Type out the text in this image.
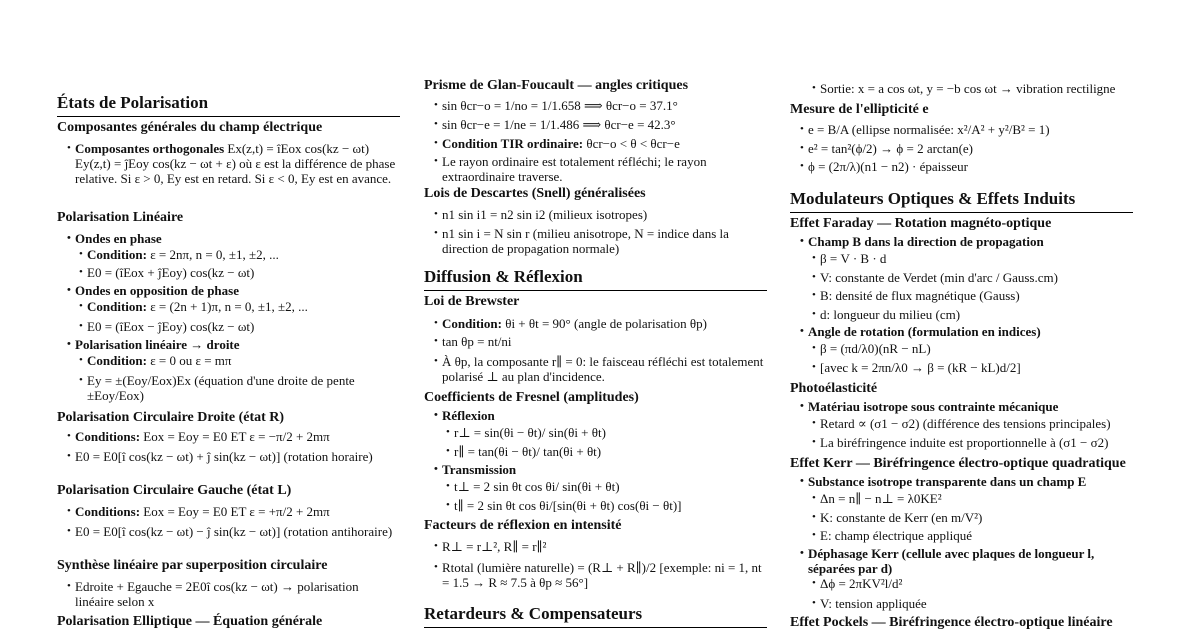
États de Polarisation
Composantes générales du champ électrique
• Composantes orthogonales Ex(z,t) = îEox cos(kz − ωt) Ey(z,t) = ĵEoy cos(kz − ωt + ε) où ε est la différence de phase relative. Si ε > 0, Ey est en retard. Si ε < 0, Ey est en avance.
Polarisation Linéaire
• Ondes en phase
• Condition: ε = 2nπ, n = 0, ±1, ±2, ...
• E0 = (îEox + ĵEoy) cos(kz − ωt)
• Ondes en opposition de phase
• Condition: ε = (2n + 1)π, n = 0, ±1, ±2, ...
• E0 = (îEox − ĵEoy) cos(kz − ωt)
• Polarisation linéaire → droite
• Condition: ε = 0 ou ε = mπ
• Ey = ±(Eoy/Eox)Ex (équation d'une droite de pente ±Eoy/Eox)
Polarisation Circulaire Droite (état R)
• Conditions: Eox = Eoy = E0 ET ε = −π/2 + 2mπ
• E0 = E0[î cos(kz − ωt) + ĵ sin(kz − ωt)] (rotation horaire)
Polarisation Circulaire Gauche (état L)
• Conditions: Eox = Eoy = E0 ET ε = +π/2 + 2mπ
• E0 = E0[î cos(kz − ωt) − ĵ sin(kz − ωt)] (rotation antihoraire)
Synthèse linéaire par superposition circulaire
• Edroite + Egauche = 2E0î cos(kz − ωt) → polarisation linéaire selon x
Polarisation Elliptique — Équation générale
Prisme de Glan-Foucault — angles critiques
• sin θcr−o = 1/no = 1/1.658 ⟹ θcr−o = 37.1°
• sin θcr−e = 1/ne = 1/1.486 ⟹ θcr−e = 42.3°
• Condition TIR ordinaire: θcr−o < θ < θcr−e
• Le rayon ordinaire est totalement réfléchi; le rayon extraordinaire traverse.
Lois de Descartes (Snell) généralisées
• n1 sin i1 = n2 sin i2 (milieux isotropes)
• n1 sin i = N sin r (milieu anisotrope, N = indice dans la direction de propagation normale)
Diffusion & Réflexion
Loi de Brewster
• Condition: θi + θt = 90° (angle de polarisation θp)
• tan θp = nt/ni
• À θp, la composante r∥ = 0: le faisceau réfléchi est totalement polarisé ⊥ au plan d'incidence.
Coefficients de Fresnel (amplitudes)
• Réflexion
• r⊥ = sin(θi − θt)/ sin(θi + θt)
• r∥ = tan(θi − θt)/ tan(θi + θt)
• Transmission
• t⊥ = 2 sin θt cos θi/ sin(θi + θt)
• t∥ = 2 sin θt cos θi/[sin(θi + θt) cos(θi − θt)]
Facteurs de réflexion en intensité
• R⊥ = r⊥², R∥ = r∥²
• Rtotal (lumière naturelle) = (R⊥ + R∥)/2 [exemple: ni = 1, nt = 1.5 → R ≈ 7.5 à θp ≈ 56°]
Retardeurs & Compensateurs
• Sortie: x = a cos ωt, y = −b cos ωt → vibration rectiligne
Mesure de l'ellipticité e
• e = B/A (ellipse normalisée: x²/A² + y²/B² = 1)
• e² = tan²(ϕ/2) → ϕ = 2 arctan(e)
• ϕ = (2π/λ)(n1 − n2) · épaisseur
Modulateurs Optiques & Effets Induits
Effet Faraday — Rotation magnéto-optique
• Champ B dans la direction de propagation
• β = V · B · d
• V: constante de Verdet (min d'arc / Gauss.cm)
• B: densité de flux magnétique (Gauss)
• d: longueur du milieu (cm)
• Angle de rotation (formulation en indices)
• β = (πd/λ0)(nR − nL)
• [avec k = 2πn/λ0 → β = (kR − kL)d/2]
Photoélasticité
• Matériau isotrope sous contrainte mécanique
• Retard ∝ (σ1 − σ2) (différence des tensions principales)
• La biréfringence induite est proportionnelle à (σ1 − σ2)
Effet Kerr — Biréfringence électro-optique quadratique
• Substance isotrope transparente dans un champ E
• Δn = n∥ − n⊥ = λ0KE²
• K: constante de Kerr (en m/V²)
• E: champ électrique appliqué
• Déphasage Kerr (cellule avec plaques de longueur l, séparées par d)
• Δϕ = 2πKV²l/d²
• V: tension appliquée
Effet Pockels — Biréfringence électro-optique linéaire
